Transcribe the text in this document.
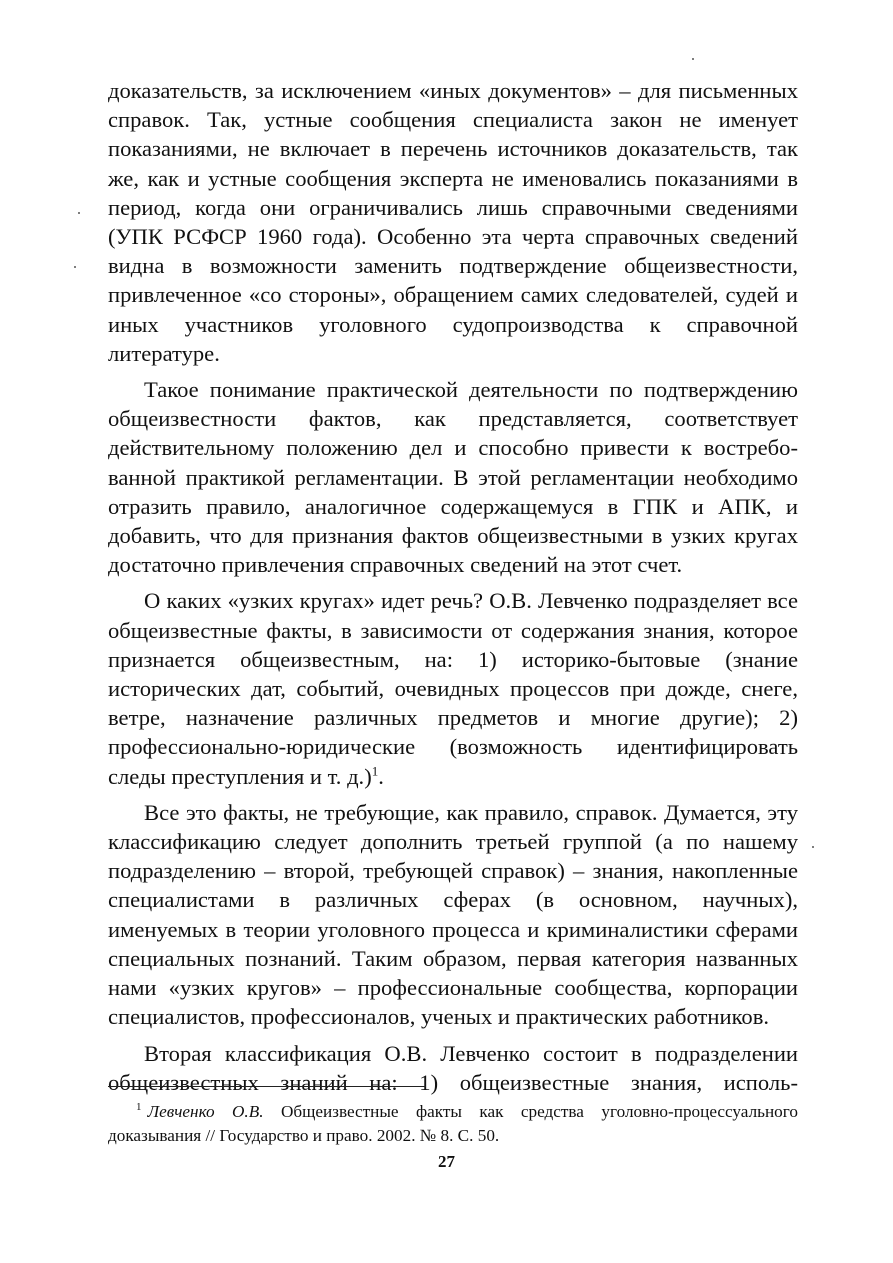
доказательств, за исключением «иных документов» – для письменных справок. Так, устные сообщения специалиста закон не именует показаниями, не включает в перечень источников доказательств, так же, как и устные сообщения эксперта не именовались показаниями в период, когда они ограничивались лишь справочными сведениями (УПК РСФСР 1960 года). Особенно эта черта справочных сведений видна в возможности заменить подтверждение общеизвестности, привлеченное «со стороны», обращением самих следователей, судей и иных участников уголовного судопроизводства к справочной литературе.

Такое понимание практической деятельности по подтверждению общеизвестности фактов, как представляется, соответствует действительному положению дел и способно привести к востребованной практикой регламентации. В этой регламентации необходимо отразить правило, аналогичное содержащемуся в ГПК и АПК, и добавить, что для признания фактов общеизвестными в узких кругах достаточно привлечения справочных сведений на этот счет.

О каких «узких кругах» идет речь? О.В. Левченко подразделяет все общеизвестные факты, в зависимости от содержания знания, которое признается общеизвестным, на: 1) историко-бытовые (знание исторических дат, событий, очевидных процессов при дожде, снеге, ветре, назначение различных предметов и многие другие); 2) профессионально-юридические (возможность идентифицировать следы преступления и т. д.)$^1$.

Все это факты, не требующие, как правило, справок. Думается, эту классификацию следует дополнить третьей группой (а по нашему подразделению – второй, требующей справок) – знания, накопленные специалистами в различных сферах (в основном, научных), именуемых в теории уголовного процесса и криминалистики сферами специальных познаний. Таким образом, первая категория названных нами «узких кругов» – профессиональные сообщества, корпорации специалистов, профессионалов, ученых и практических работников.

Вторая классификация О.В. Левченко состоит в подразделении общеизвестных знаний на: 1) общеизвестные знания, исполь-

$^1$ Левченко О.В. Общеизвестные факты как средства уголовно-процессуального доказывания // Государство и право. 2002. № 8. С. 50.
27
